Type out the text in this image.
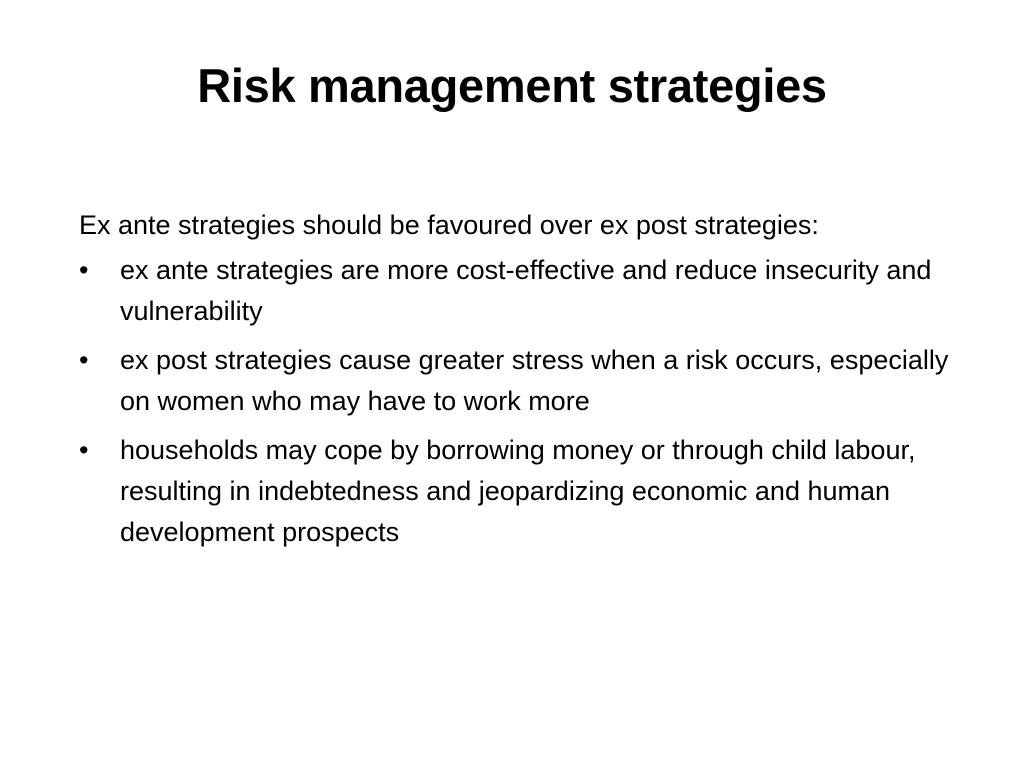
Risk management strategies
Ex ante strategies should be favoured over ex post strategies:
•	ex ante strategies are more cost-effective and reduce insecurity and vulnerability
•	ex post strategies cause greater stress when a risk occurs, especially on women who may have to work more
•	households may cope by borrowing money or through child labour, resulting in indebtedness and jeopardizing economic and human development prospects
